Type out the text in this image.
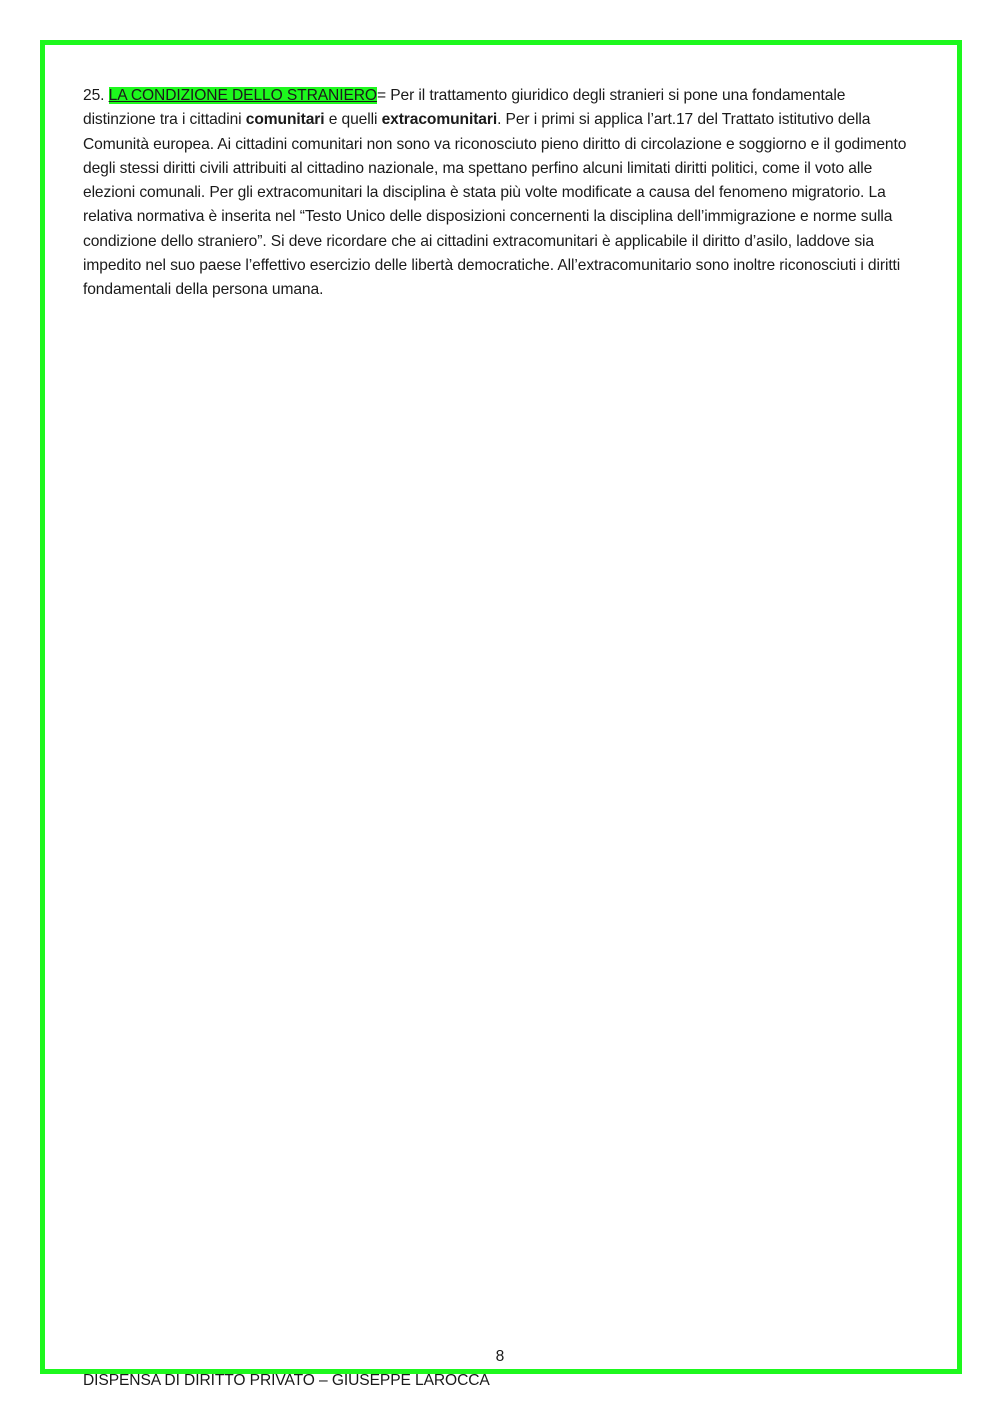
25. LA CONDIZIONE DELLO STRANIERO= Per il trattamento giuridico degli stranieri si pone una fondamentale distinzione tra i cittadini comunitari e quelli extracomunitari. Per i primi si applica l’art.17 del Trattato istitutivo della Comunità europea. Ai cittadini comunitari non sono va riconosciuto pieno diritto di circolazione e soggiorno e il godimento degli stessi diritti civili attribuiti al cittadino nazionale, ma spettano perfino alcuni limitati diritti politici, come il voto alle elezioni comunali. Per gli extracomunitari la disciplina è stata più volte modificate a causa del fenomeno migratorio. La relativa normativa è inserita nel “Testo Unico delle disposizioni concernenti la disciplina dell’immigrazione e norme sulla condizione dello straniero”. Si deve ricordare che ai cittadini extracomunitari è applicabile il diritto d’asilo, laddove sia impedito nel suo paese l’effettivo esercizio delle libertà democratiche. All’extracomunitario sono inoltre riconosciuti i diritti fondamentali della persona umana.

8
DISPENSA DI DIRITTO PRIVATO – GIUSEPPE LAROCCA
